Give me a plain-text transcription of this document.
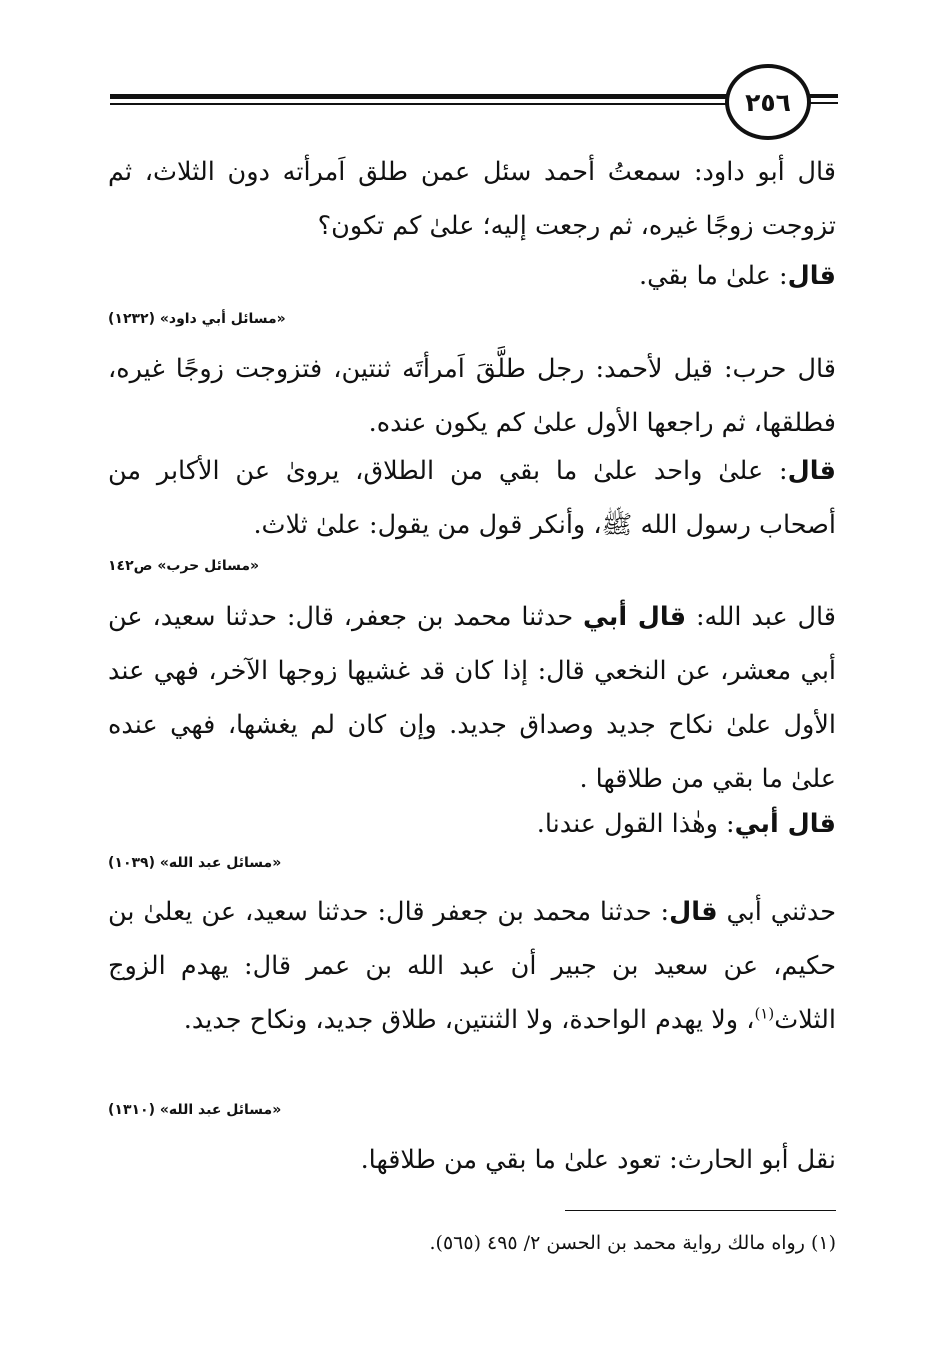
٢٥٦
قال أبو داود: سمعتُ أحمد سئل عمن طلق اَمرأته دون الثلاث، ثم تزوجت زوجًا غيره، ثم رجعت إليه؛ علىٰ كم تكون؟
قال: علىٰ ما بقي.
«مسائل أبي داود» (١٢٣٢)
قال حرب: قيل لأحمد: رجل طلَّقَ اَمرأتَه ثنتين، فتزوجت زوجًا غيره، فطلقها، ثم راجعها الأول علىٰ كم يكون عنده.
قال: علىٰ واحد علىٰ ما بقي من الطلاق، يروىٰ عن الأكابر من أصحاب رسول الله ﷺ، وأنكر قول من يقول: علىٰ ثلاث.
«مسائل حرب» ص١٤٢
قال عبد الله: قال أبي حدثنا محمد بن جعفر، قال: حدثنا سعيد، عن أبي معشر، عن النخعي قال: إذا كان قد غشيها زوجها الآخر، فهي عند الأول علىٰ نكاح جديد وصداق جديد. وإن كان لم يغشها، فهي عنده علىٰ ما بقي من طلاقها .
قال أبي: وهٰذا القول عندنا.
«مسائل عبد الله» (١٠٣٩)
حدثني أبي قال: حدثنا محمد بن جعفر قال: حدثنا سعيد، عن يعلىٰ بن حكيم، عن سعيد بن جبير أن عبد الله بن عمر قال: يهدم الزوج الثلاث$^{(١)}$، ولا يهدم الواحدة، ولا الثنتين، طلاق جديد، ونكاح جديد.
«مسائل عبد الله» (١٣١٠)
نقل أبو الحارث: تعود علىٰ ما بقي من طلاقها.
(١) رواه مالك رواية محمد بن الحسن ٢/ ٤٩٥ (٥٦٥).
